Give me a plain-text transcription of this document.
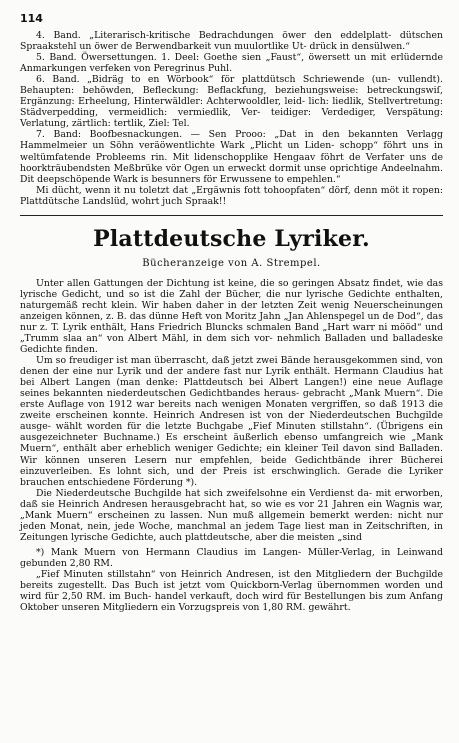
114

4. Band. „Literarisch-kritische Bedrachdungen öwer den eddelplatt- dütschen Spraakstehl un öwer de Berwendbarkeit vun muulortlike Ut- drück in densülwen.“

5. Band. Öwersettungen. 1. Deel: Goethe sien „Faust“, öwersett un mit erlüdernde Anmarkungen verfeken von Peregrinus Puhl.

6. Band. „Bidräg to en Wörbook“ för plattdütsch Schriewende (un- vullendt). Behaupten: behöwden, Befleckung: Beflackfung, beziehungsweise: betreckungswiſ, Ergänzung: Erheelung, Hinterwäldler: Achterwooldler, leid- lich: liedlik, Stellvertretung: Städverpedding, vermeidlich: vermiedlik, Ver- teidiger: Verdediger, Verspätung: Verlatung, zärtlich: tertlik, Ziel: Tel.

7. Band: Boofbesnackungen. — Sen Prooo: „Dat in den bekannten Verlagg Hammelmeier un Söhn veräöwentlichte Wark „Plicht un Liden- schopp“ föhrt uns in weltümfatende Probleems rin. Mit lidenschopplike Hengaav föhrt de Verfater uns de hoorkträubendsten Meßbrüke vör Ogen un erweckt dormit unse oprichtige Andeelnahm. Dit deepschöpende Wark is besunners för Erwussene to empehlen.“

Mi dücht, wenn it nu toletzt dat „Ergäwnis fott tohoopfaten“ dörf, denn möt it ropen: Plattdütsche Landslüd, wohrt juch Spraak!!

Plattdeutsche Lyriker.
Bücheranzeige von A. Strempel.

Unter allen Gattungen der Dichtung ist keine, die so geringen Absatz findet, wie das lyrische Gedicht, und so ist die Zahl der Bücher, die nur lyrische Gedichte enthalten, naturgemäß recht klein. Wir haben daher in der letzten Zeit wenig Neuerscheinungen anzeigen können, z. B. das dünne Heft von Moritz Jahn „Jan Ahlenspegel un de Dod“, das nur z. T. Lyrik enthält, Hans Friedrich Bluncks schmalen Band „Hart warr ni mööd“ und „Trumm slaa an“ von Albert Mähl, in dem sich vor- nehmlich Balladen und balladeske Gedichte finden.

Um so freudiger ist man überrascht, daß jetzt zwei Bände herausgekommen sind, von denen der eine nur Lyrik und der andere fast nur Lyrik enthält. Hermann Claudius hat bei Albert Langen (man denke: Plattdeutsch bei Albert Langen!) eine neue Auflage seines bekannten niederdeutschen Gedichtbandes heraus- gebracht „Mank Muern“. Die erste Auflage von 1912 war bereits nach wenigen Monaten vergriffen, so daß 1913 die zweite erscheinen konnte. Heinrich Andresen ist von der Niederdeutschen Buchgilde ausge- wählt worden für die letzte Buchgabe „Fief Minuten stillstahn“. (Übrigens ein ausgezeichneter Buchname.) Es erscheint äußerlich ebenso umfangreich wie „Mank Muern“, enthält aber erheblich weniger Gedichte; ein kleiner Teil davon sind Balladen. Wir können unseren Lesern nur empfehlen, beide Gedichtbände ihrer Bücherei einzuverleiben. Es lohnt sich, und der Preis ist erschwinglich. Gerade die Lyriker brauchen entschiedene Förderung *).

Die Niederdeutsche Buchgilde hat sich zweifelsohne ein Verdienst da- mit erworben, daß sie Heinrich Andresen herausgebracht hat, so wie es vor 21 Jahren ein Wagnis war, „Mank Muern“ erscheinen zu lassen. Nun muß allgemein bemerkt werden: nicht nur jeden Monat, nein, jede Woche, manchmal an jedem Tage liest man in Zeitschriften, in Zeitungen lyrische Gedichte, auch plattdeutsche, aber die meisten „sind

*) Mank Muern von Hermann Claudius im Langen- Müller-Verlag, in Leinwand gebunden 2,80 RM.

„Fief Minuten stillstahn“ von Heinrich Andresen, ist den Mitgliedern der Buchgilde bereits zugestellt. Das Buch ist jetzt vom Quickborn-Verlag übernommen worden und wird für 2,50 RM. im Buch- handel verkauft, doch wird für Bestellungen bis zum Anfang Oktober unseren Mitgliedern ein Vorzugspreis von 1,80 RM. gewährt.
